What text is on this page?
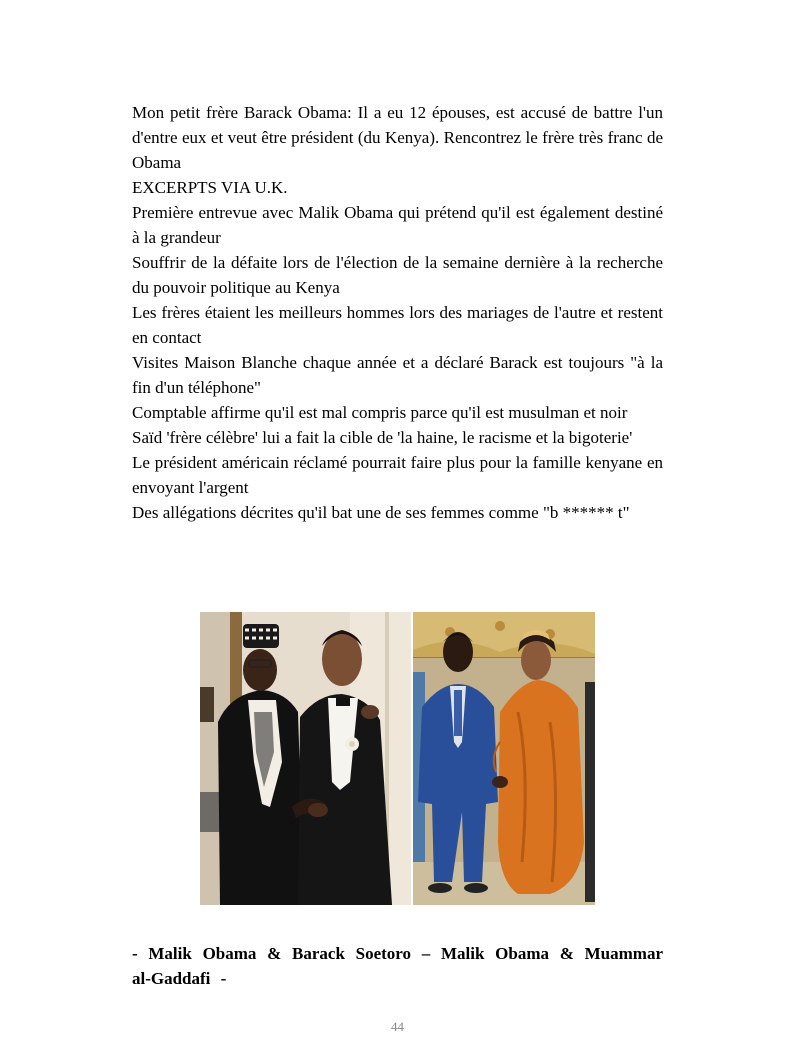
Mon petit frère Barack Obama: Il a eu 12 épouses, est accusé de battre l'un d'entre eux et veut être président (du Kenya). Rencontrez le frère très franc de Obama

EXCERPTS VIA U.K.

Première entrevue avec Malik Obama qui prétend qu'il est également destiné à la grandeur

Souffrir de la défaite lors de l'élection de la semaine dernière à la recherche du pouvoir politique au Kenya

Les frères étaient les meilleurs hommes lors des mariages de l'autre et restent en contact

Visites Maison Blanche chaque année et a déclaré Barack est toujours "à la fin d'un téléphone"

Comptable affirme qu'il est mal compris parce qu'il est musulman et noir

Saïd 'frère célèbre' lui a fait la cible de 'la haine, le racisme et la bigoterie'

Le président américain réclamé pourrait faire plus pour la famille kenyane en envoyant l'argent

Des allégations décrites qu'il bat une de ses femmes comme "b ****** t"

- Malik Obama & Barack Soetoro – Malik Obama & Muammar al-Gaddafi -
44
